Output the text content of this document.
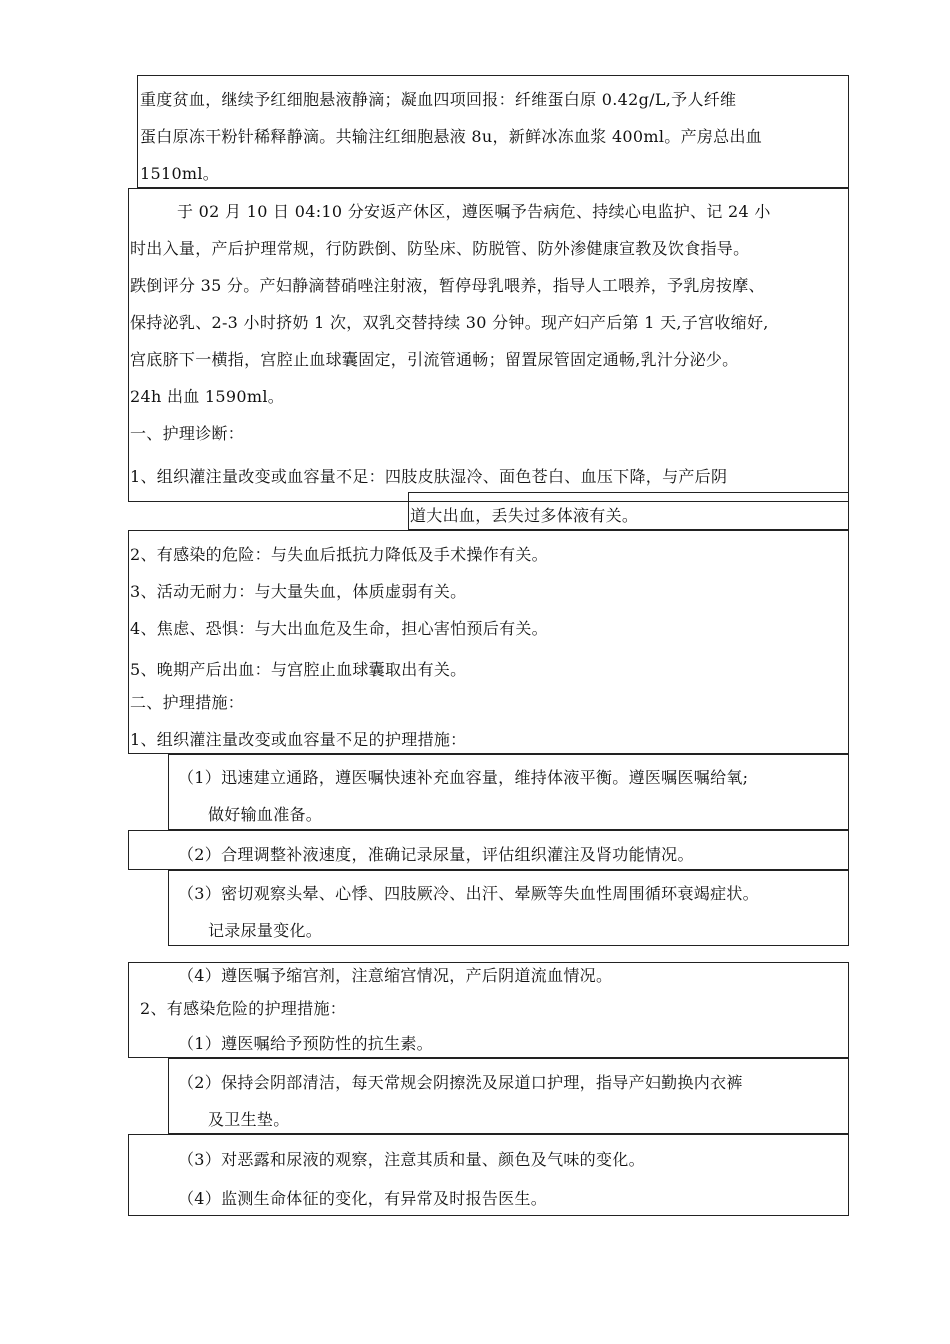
重度贫血，继续予红细胞悬液静滴；凝血四项回报：纤维蛋白原 0.42g/L,予人纤维
蛋白原冻干粉针稀释静滴。共输注红细胞悬液 8u，新鲜冰冻血浆 400ml。产房总出血
1510ml。
于 02 月 10 日 04:10 分安返产休区，遵医嘱予告病危、持续心电监护、记 24 小
时出入量，产后护理常规，行防跌倒、防坠床、防脱管、防外渗健康宣教及饮食指导。
跌倒评分 35 分。产妇静滴替硝唑注射液，暂停母乳喂养，指导人工喂养，予乳房按摩、
保持泌乳、2-3 小时挤奶 1 次，双乳交替持续 30 分钟。现产妇产后第 1 天,子宫收缩好,
宫底脐下一横指，宫腔止血球囊固定，引流管通畅；留置尿管固定通畅,乳汁分泌少。
24h 出血 1590ml。
一、护理诊断：
1、组织灌注量改变或血容量不足：四肢皮肤湿冷、面色苍白、血压下降，与产后阴
道大出血，丢失过多体液有关。
2、有感染的危险：与失血后抵抗力降低及手术操作有关。
3、活动无耐力：与大量失血，体质虚弱有关。
4、焦虑、恐惧：与大出血危及生命，担心害怕预后有关。
5、晚期产后出血：与宫腔止血球囊取出有关。
二、护理措施：
1、组织灌注量改变或血容量不足的护理措施：
（1）迅速建立通路，遵医嘱快速补充血容量，维持体液平衡。遵医嘱医嘱给氧;
做好输血准备。
（2）合理调整补液速度，准确记录尿量，评估组织灌注及肾功能情况。
（3）密切观察头晕、心悸、四肢厥冷、出汗、晕厥等失血性周围循环衰竭症状。
记录尿量变化。
（4）遵医嘱予缩宫剂，注意缩宫情况，产后阴道流血情况。
2、有感染危险的护理措施：
（1）遵医嘱给予预防性的抗生素。
（2）保持会阴部清洁，每天常规会阴擦洗及尿道口护理，指导产妇勤换内衣裤
及卫生垫。
（3）对恶露和尿液的观察，注意其质和量、颜色及气味的变化。
（4）监测生命体征的变化，有异常及时报告医生。
